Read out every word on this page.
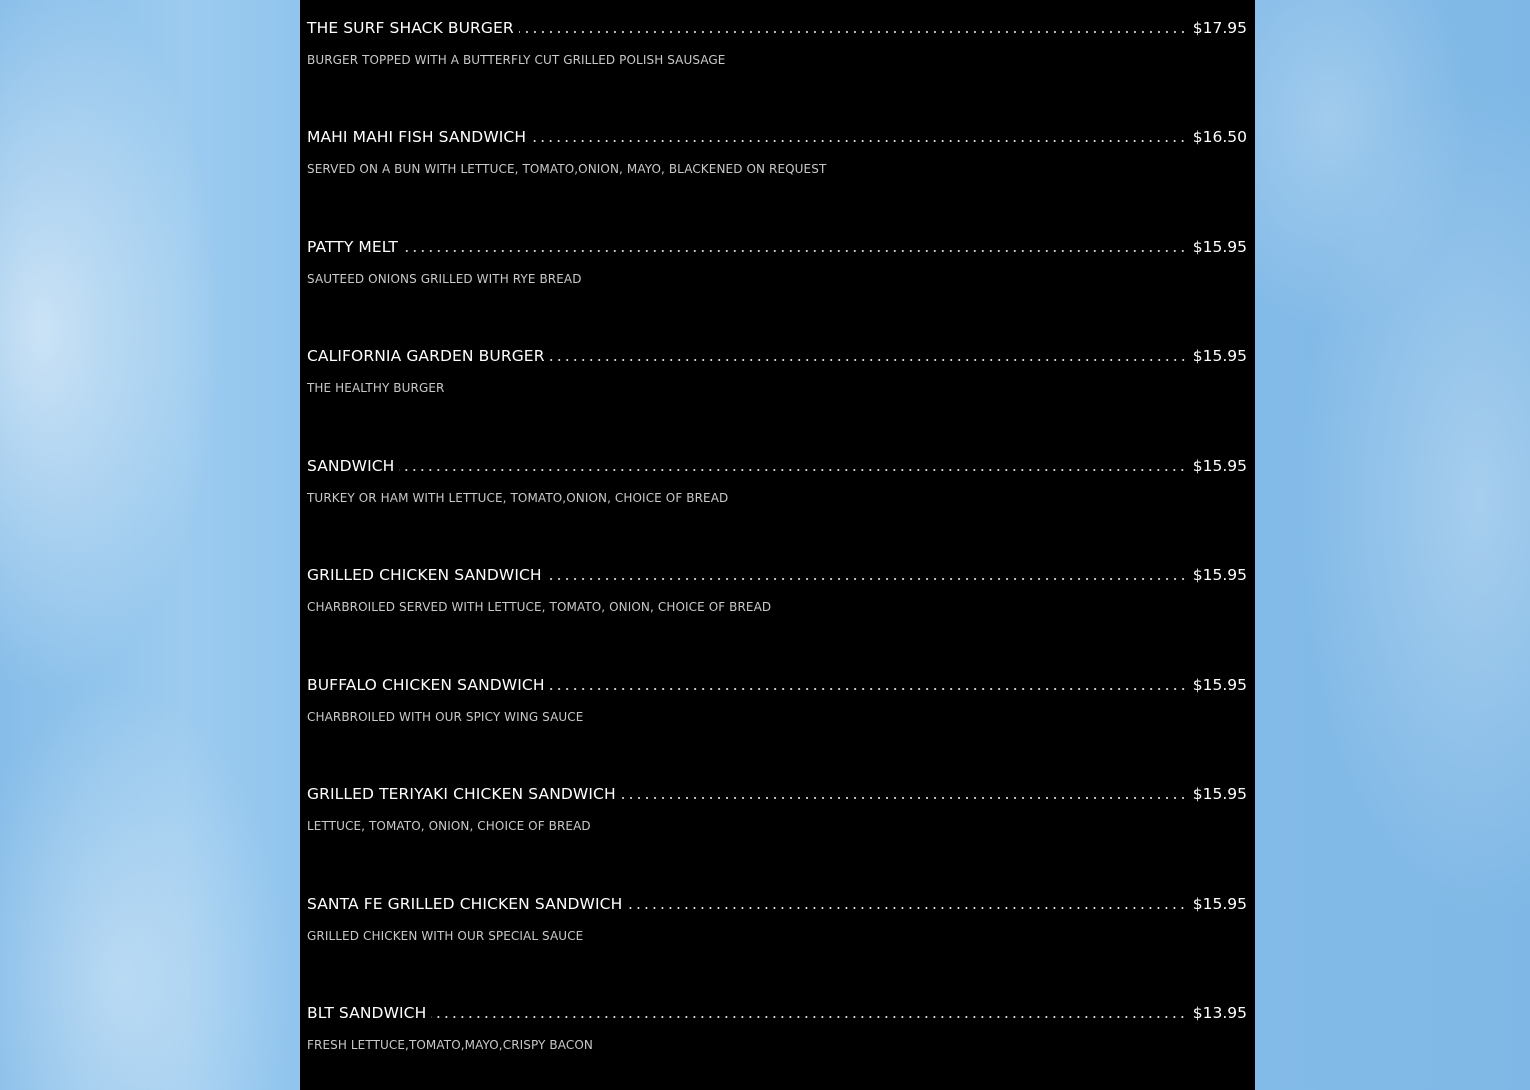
THE SURF SHACK BURGER	$17.95
BURGER TOPPED WITH A BUTTERFLY CUT GRILLED POLISH SAUSAGE
MAHI MAHI FISH SANDWICH	$16.50
SERVED ON A BUN WITH LETTUCE, TOMATO,ONION, MAYO, BLACKENED ON REQUEST
PATTY MELT	$15.95
SAUTEED ONIONS GRILLED WITH RYE BREAD
CALIFORNIA GARDEN BURGER	$15.95
THE HEALTHY BURGER
SANDWICH	$15.95
TURKEY OR HAM WITH LETTUCE, TOMATO,ONION, CHOICE OF BREAD
GRILLED CHICKEN SANDWICH	$15.95
CHARBROILED SERVED WITH LETTUCE, TOMATO, ONION, CHOICE OF BREAD
BUFFALO CHICKEN SANDWICH	$15.95
CHARBROILED WITH OUR SPICY WING SAUCE
GRILLED TERIYAKI CHICKEN SANDWICH	$15.95
LETTUCE, TOMATO, ONION, CHOICE OF BREAD
SANTA FE GRILLED CHICKEN SANDWICH	$15.95
GRILLED CHICKEN WITH OUR SPECIAL SAUCE
BLT SANDWICH	$13.95
FRESH LETTUCE,TOMATO,MAYO,CRISPY BACON
